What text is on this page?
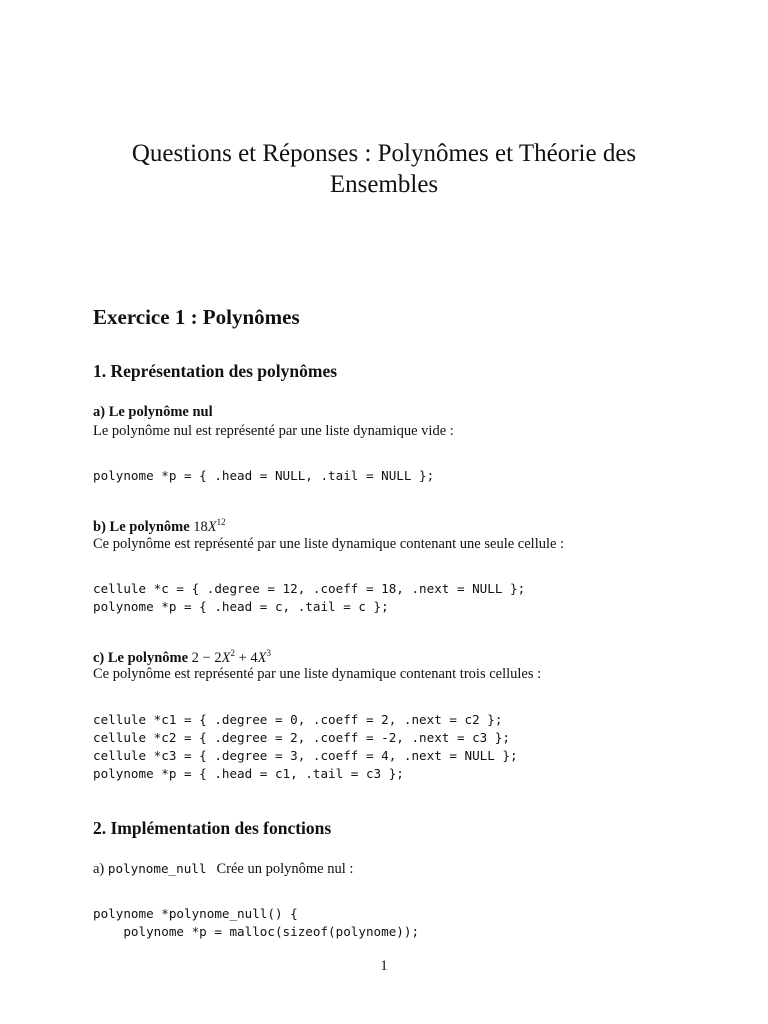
Questions et Réponses : Polynômes et Théorie des
Ensembles
Exercice 1 : Polynômes
1. Représentation des polynômes
a) Le polynôme nul

Le polynôme nul est représenté par une liste dynamique vide :

polynome *p = { .head = NULL, .tail = NULL };
b) Le polynôme $18X^{12}$

Ce polynôme est représenté par une liste dynamique contenant une seule cellule :

cellule *c = { .degree = 12, .coeff = 18, .next = NULL };
polynome *p = { .head = c, .tail = c };
c) Le polynôme $2 - 2X^2 + 4X^3$

Ce polynôme est représenté par une liste dynamique contenant trois cellules :

cellule *c1 = { .degree = 0, .coeff = 2, .next = c2 };
cellule *c2 = { .degree = 2, .coeff = -2, .next = c3 };
cellule *c3 = { .degree = 3, .coeff = 4, .next = NULL };
polynome *p = { .head = c1, .tail = c3 };
2. Implémentation des fonctions

a) polynome_null Crée un polynôme nul :

polynome *polynome_null() {
polynome *p = malloc(sizeof(polynome));
1
